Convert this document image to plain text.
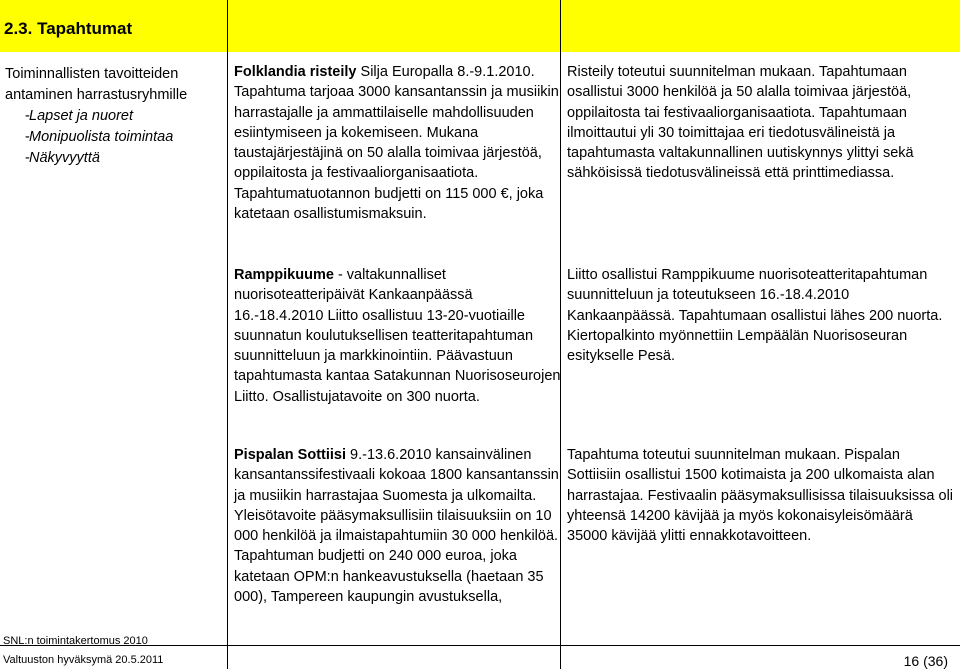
2.3. Tapahtumat
Toiminnallisten tavoitteiden antaminen harrastusryhmille
- Lapset ja nuoret
- Monipuolista toimintaa
- Näkyvyyttä
Folklandia risteily Silja Europalla 8.-9.1.2010. Tapahtuma tarjoaa 3000 kansantanssin ja musiikin harrastajalle ja ammattilaiselle mahdollisuuden esiintymiseen ja kokemiseen. Mukana taustajärjestäjinä on 50 alalla toimivaa järjestöä, oppilaitosta ja festivaaliorganisaatiota. Tapahtumatuotannon budjetti on 115 000 €, joka katetaan osallistumismaksuin.
Risteily toteutui suunnitelman mukaan. Tapahtumaan osallistui 3000 henkilöä ja 50 alalla toimivaa järjestöä, oppilaitosta tai festivaaliorganisaatiota. Tapahtumaan ilmoittautui yli 30 toimittajaa eri tiedotusvälineistä ja tapahtumasta valtakunnallinen uutiskynnys ylittyi sekä sähköisissä tiedotusvälineissä että printtimediassa.
Ramppikuume - valtakunnalliset nuorisoteatteripäivät Kankaanpäässä 16.-18.4.2010 Liitto osallistuu 13-20-vuotiaille suunnatun koulutuksellisen teatteritapahtuman suunnitteluun ja markkinointiin. Päävastuun tapahtumasta kantaa Satakunnan Nuorisoseurojen Liitto. Osallistujatavoite on 300 nuorta.
Liitto osallistui Ramppikuume nuorisoteatteritapahtuman suunnitteluun ja toteutukseen 16.-18.4.2010 Kankaanpäässä. Tapahtumaan osallistui lähes 200 nuorta. Kiertopalkinto myönnettiin Lempäälän Nuorisoseuran esitykselle Pesä.
Pispalan Sottiisi 9.-13.6.2010 kansainvälinen kansantanssifestivaali kokoaa 1800 kansantanssin ja musiikin harrastajaa Suomesta ja ulkomailta. Yleisötavoite pääsymaksullisiin tilaisuuksiin on 10 000 henkilöä ja ilmaistapahtumiin 30 000 henkilöä. Tapahtuman budjetti on 240 000 euroa, joka katetaan OPM:n hankeavustuksella (haetaan 35 000), Tampereen kaupungin avustuksella,
Tapahtuma toteutui suunnitelman mukaan. Pispalan Sottiisiin osallistui 1500 kotimaista ja 200 ulkomaista alan harrastajaa. Festivaalin pääsymaksullisissa tilaisuuksissa oli yhteensä 14200 kävijää ja myös kokonaisyleisömäärä 35000 kävijää ylitti ennakkotavoitteen.
SNL:n toimintakertomus 2010
Valtuuston hyväksymä 20.5.2011	16 (36)
